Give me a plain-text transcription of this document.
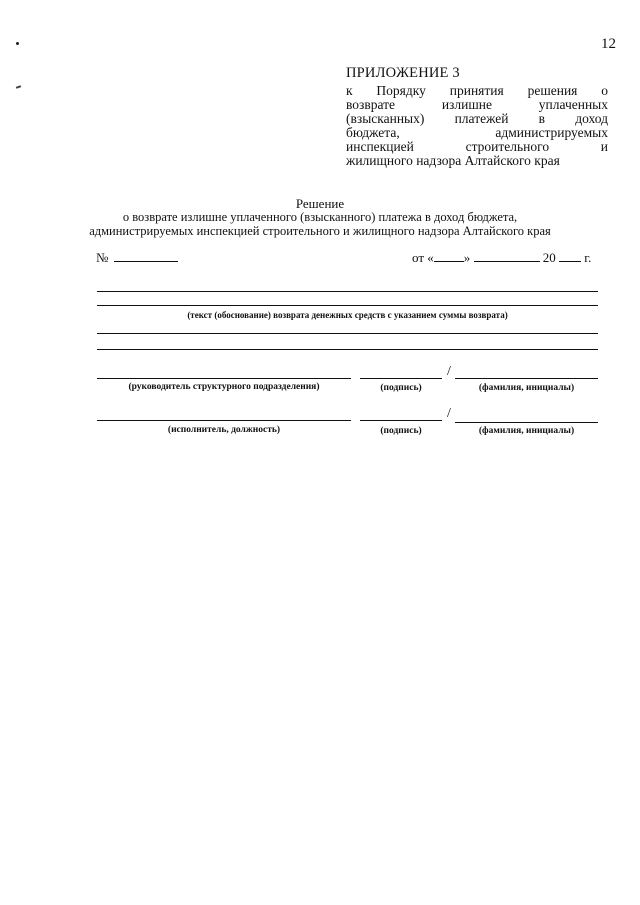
12
ПРИЛОЖЕНИЕ 3
к Порядку принятия решения о
возврате излишне уплаченных
(взысканных) платежей в доход
бюджета, администрируемых
инспекцией строительного и
жилищного надзора Алтайского края
Решение
о возврате излишне уплаченного (взысканного) платежа в доход бюджета,
администрируемых инспекцией строительного и жилищного надзора Алтайского края
№	от « »	20 г.
(текст (обоснование) возврата денежных средств с указанием суммы возврата)
/
(руководитель структурного подразделения)	(подпись)	(фамилия, инициалы)
/
(исполнитель, должность)	(подпись)	(фамилия, инициалы)
